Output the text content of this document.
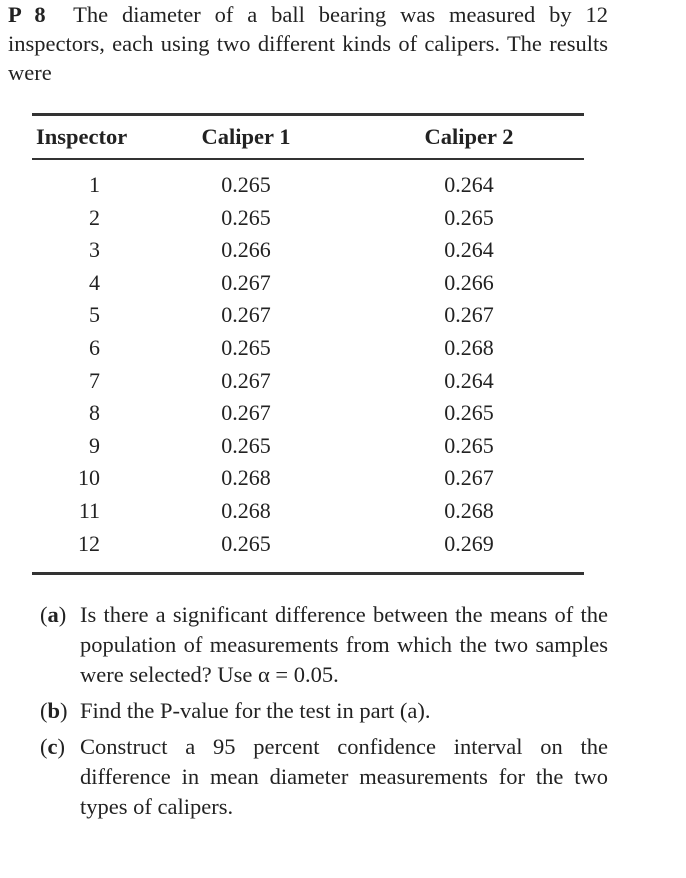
P 8 The diameter of a ball bearing was measured by 12 inspectors, each using two different kinds of calipers. The results were
Inspector	Caliper 1	Caliper 2
1	0.265	0.264
2	0.265	0.265
3	0.266	0.264
4	0.267	0.266
5	0.267	0.267
6	0.265	0.268
7	0.267	0.264
8	0.267	0.265
9	0.265	0.265
10	0.268	0.267
11	0.268	0.268
12	0.265	0.269
(a) Is there a significant difference between the means of the population of measurements from which the two samples were selected? Use α = 0.05.
(b) Find the P-value for the test in part (a).
(c) Construct a 95 percent confidence interval on the difference in mean diameter measurements for the two types of calipers.
